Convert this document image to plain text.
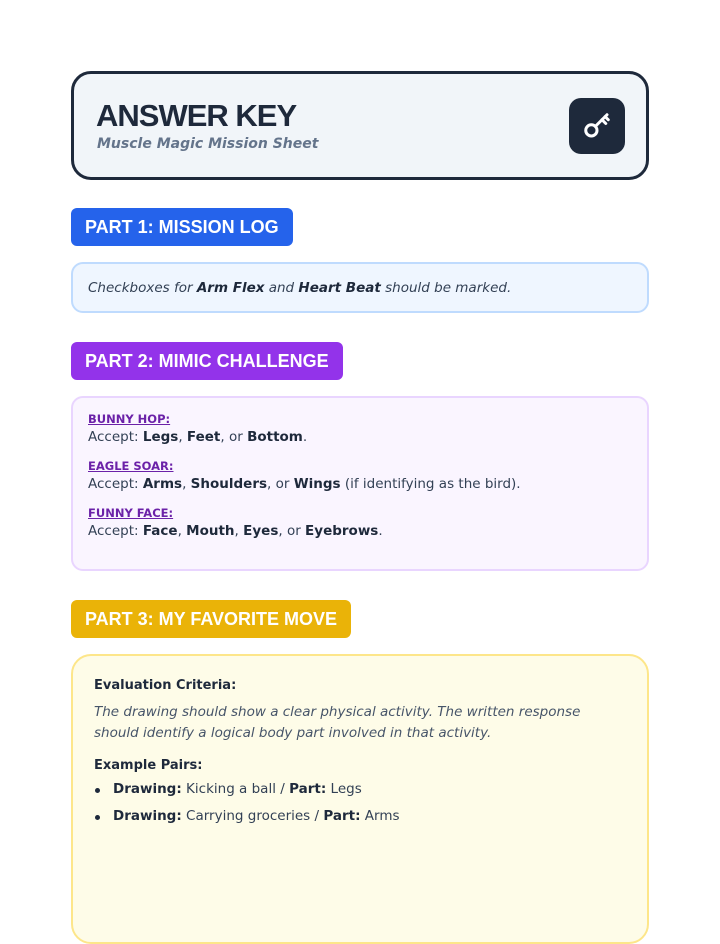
ANSWER KEY
Muscle Magic Mission Sheet
PART 1: MISSION LOG
Checkboxes for Arm Flex and Heart Beat should be marked.
PART 2: MIMIC CHALLENGE
BUNNY HOP:
Accept: Legs, Feet, or Bottom.
EAGLE SOAR:
Accept: Arms, Shoulders, or Wings (if identifying as the bird).
FUNNY FACE:
Accept: Face, Mouth, Eyes, or Eyebrows.
PART 3: MY FAVORITE MOVE
Evaluation Criteria:
The drawing should show a clear physical activity. The written response should identify a logical body part involved in that activity.
Example Pairs:
Drawing: Kicking a ball / Part: Legs
Drawing: Carrying groceries / Part: Arms
